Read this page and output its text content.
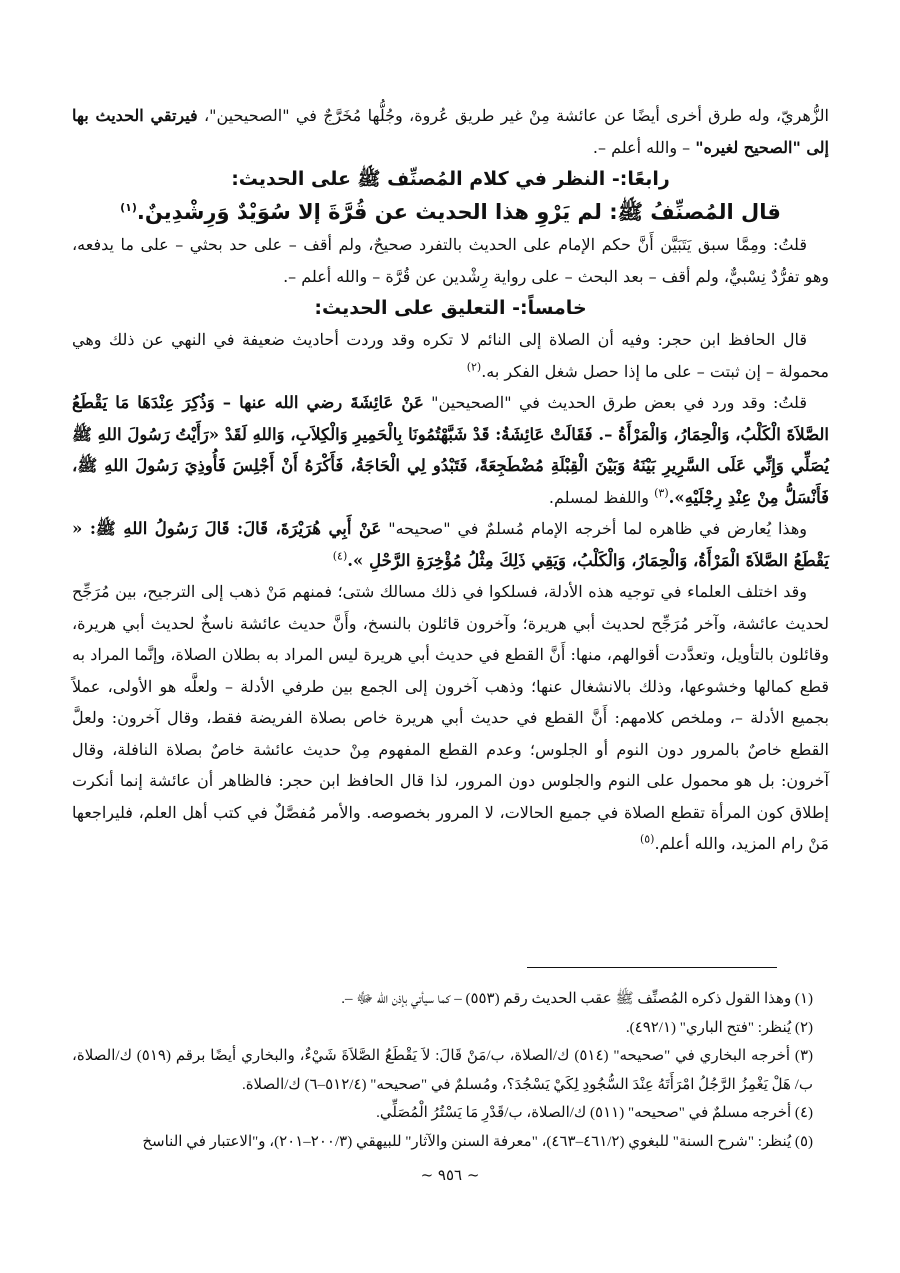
الزُّهريّ، وله طرق أخرى أيضًا عن عائشة مِنْ غير طريق عُروة، وجُلُّها مُخَرَّجٌ في "الصحيحين"، فيرتقي الحديث بها إلى "الصحيح لغيره" – والله أعلم –.

رابعًا:- النظر في كلام المُصنِّف ﷺ على الحديث:
قال المُصنِّفُ ﷺ: لم يَرْوِ هذا الحديث عن قُرَّةَ إلا سُوَيْدٌ وَرِشْدِينٌ.$^{(١)}$

قلتُ: ومِمَّا سبق يَتَبَيَّن أَنَّ حكم الإمام على الحديث بالتفرد صحيحٌ، ولم أقف – على حد بحثي – على ما يدفعه، وهو تفرُّدٌ نِسْبيٌّ، ولم أقف – بعد البحث – على رواية رِشْدين عن قُرَّة – والله أعلم –.

خامساً:- التعليق على الحديث:

قال الحافظ ابن حجر: وفيه أن الصلاة إلى النائم لا تكره وقد وردت أحاديث ضعيفة في النهي عن ذلك وهي محمولة – إن ثبتت – على ما إذا حصل شغل الفكر به.$^{(٢)}$

قلتُ: وقد ورد في بعض طرق الحديث في "الصحيحين" عَنْ عَائِشَةَ رضي الله عنها – وَذُكِرَ عِنْدَهَا مَا يَقْطَعُ الصَّلاَةَ الْكَلْبُ، وَالْحِمَارُ، وَالْمَرْأَةُ –. فَقَالَتْ عَائِشَةُ: قَدْ شَبَّهْتُمُونَا بِالْحَمِيرِ وَالْكِلاَبِ، وَاللهِ لَقَدْ «رَأَيْتُ رَسُولَ اللهِ ﷺ يُصَلِّي وَإِنِّي عَلَى السَّرِيرِ بَيْنَهُ وَبَيْنَ الْقِبْلَةِ مُضْطَجِعَةً، فَتَبْدُو لِي الْحَاجَةُ، فَأَكْرَهُ أَنْ أَجْلِسَ فَأُوذِيَ رَسُولَ اللهِ ﷺ، فَأَنْسَلُّ مِنْ عِنْدِ رِجْلَيْهِ».$^{(٣)}$ واللفظ لمسلم.

وهذا يُعارض في ظاهره لما أخرجه الإمام مُسلمٌ في "صحيحه" عَنْ أَبِي هُرَيْرَةَ، قَالَ: قَالَ رَسُولُ اللهِ ﷺ: « يَقْطَعُ الصَّلاَةَ الْمَرْأَةُ، وَالْحِمَارُ، وَالْكَلْبُ، وَيَقِي ذَلِكَ مِثْلُ مُؤْخِرَةِ الرَّحْلِ ».$^{(٤)}$

وقد اختلف العلماء في توجيه هذه الأدلة، فسلكوا في ذلك مسالك شتى؛ فمنهم مَنْ ذهب إلى الترجيح، بين مُرَجِّح لحديث عائشة، وآخر مُرَجِّح لحديث أبي هريرة؛ وآخرون قائلون بالنسخ، وأَنَّ حديث عائشة ناسخٌ لحديث أبي هريرة، وقائلون بالتأويل، وتعدَّدت أقوالهم، منها: أَنَّ القطع في حديث أبي هريرة ليس المراد به بطلان الصلاة، وإنَّما المراد به قطع كمالها وخشوعها، وذلك بالانشغال عنها؛ وذهب آخرون إلى الجمع بين طرفي الأدلة – ولعلَّه هو الأولى، عملاً بجميع الأدلة –، وملخص كلامهم: أَنَّ القطع في حديث أبي هريرة خاص بصلاة الفريضة فقط، وقال آخرون: ولعلَّ القطع خاصٌ بالمرور دون النوم أو الجلوس؛ وعدم القطع المفهوم مِنْ حديث عائشة خاصٌ بصلاة النافلة، وقال آخرون: بل هو محمول على النوم والجلوس دون المرور، لذا قال الحافظ ابن حجر: فالظاهر أن عائشة إنما أنكرت إطلاق كون المرأة تقطع الصلاة في جميع الحالات، لا المرور بخصوصه. والأمر مُفصَّلٌ في كتب أهل العلم، فليراجعها مَنْ رام المزيد، والله أعلم.$^{(٥)}$

(١) وهذا القول ذكره المُصنِّف ﷺ عقب الحديث رقم (٥٥٣) – كما سيأتي بإذن الله ﷻ –.

(٢) يُنظر: "فتح الباري" (٤٩٢/١).

(٣) أخرجه البخاري في "صحيحه" (٥١٤) ك/الصلاة، ب/مَنْ قَالَ: لاَ يَقْطَعُ الصَّلاَةَ شَيْءٌ، والبخاري أيضًا برقم (٥١٩) ك/الصلاة، ب/ هَلْ يَغْمِزُ الرَّجُلُ امْرَأَتَهُ عِنْدَ السُّجُودِ لِكَيْ يَسْجُدَ؟، ومُسلمٌ في "صحيحه" (٥١٢/٤–٦) ك/الصلاة.

(٤) أخرجه مسلمٌ في "صحيحه" (٥١١) ك/الصلاة، ب/قَدْرِ مَا يَسْتُرُ الْمُصَلِّي.

(٥) يُنظر: "شرح السنة" للبغوي (٤٦١/٢–٤٦٣)، "معرفة السنن والآثار" للبيهقي (٢٠٠/٣–٢٠١)، و"الاعتبار في الناسخ

~ ٩٥٦ ~
